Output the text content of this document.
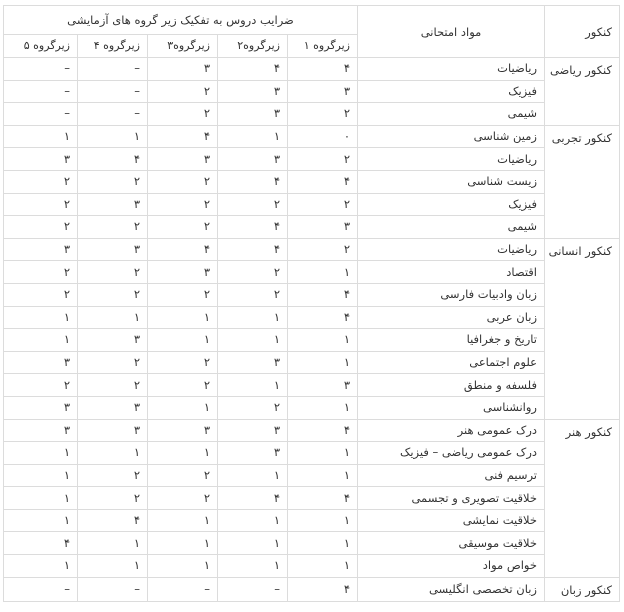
کنکور	مواد امتحانی	ضرایب دروس به تفکیک زیر گروه های آزمایشی				
		زیرگروه ۱	زیرگروه۲	زیرگروه۳	زیرگروه ۴	زیرگروه ۵
کنکور ریاضی	ریاضیات	۴	۴	۳	–	–
	فیزیک	۳	۳	۲	–	–
	شیمی	۲	۳	۲	–	–
کنکور تجربی	زمین شناسی	۰	۱	۴	۱	۱
	ریاضیات	۲	۳	۳	۴	۳
	زیست شناسی	۴	۴	۲	۲	۲
	فیزیک	۲	۲	۲	۳	۲
	شیمی	۳	۴	۲	۲	۲
کنکور انسانی	ریاضیات	۲	۴	۴	۳	۳
	اقتصاد	۱	۲	۳	۲	۲
	زبان وادبیات فارسی	۴	۲	۲	۲	۲
	زبان عربی	۴	۱	۱	۱	۱
	تاریخ و جغرافیا	۱	۱	۱	۳	۱
	علوم اجتماعی	۱	۳	۲	۲	۳
	فلسفه و منطق	۳	۱	۲	۲	۲
	روانشناسی	۱	۲	۱	۳	۳
کنکور هنر	درک عمومی هنر	۴	۳	۳	۳	۳
	درک عمومی ریاضی – فیزیک	۱	۳	۱	۱	۱
	ترسیم فنی	۱	۱	۲	۲	۱
	خلاقیت تصویری و تجسمی	۴	۴	۲	۲	۱
	خلاقیت نمایشی	۱	۱	۱	۴	۱
	خلاقیت موسیقی	۱	۱	۱	۱	۴
	خواص مواد	۱	۱	۱	۱	۱
کنکور زبان	زبان تخصصی انگلیسی	۴	–	–	–	–
